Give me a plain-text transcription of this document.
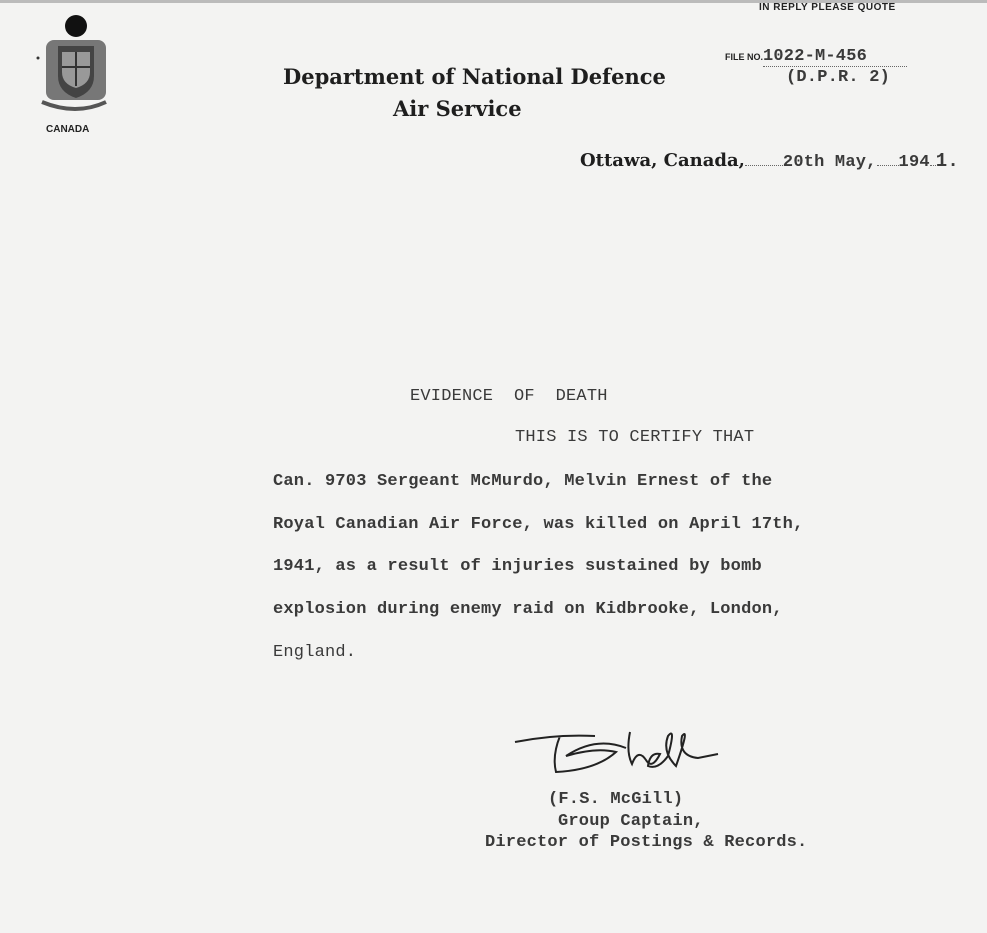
CANADA
Department of National Defence
Air Service
IN REPLY PLEASE QUOTE
FILE NO.1022-M-456
(D.P.R. 2)
Ottawa, Canada, 20th May, 194 1.
EVIDENCE  OF  DEATH
THIS IS TO CERTIFY THAT
Can. 9703 Sergeant McMurdo, Melvin Ernest of the
Royal Canadian Air Force, was killed on April 17th,
1941, as a result of injuries sustained by bomb
explosion during enemy raid on Kidbrooke, London,
England.
(F.S. McGill)
Group Captain,
Director of Postings & Records.
